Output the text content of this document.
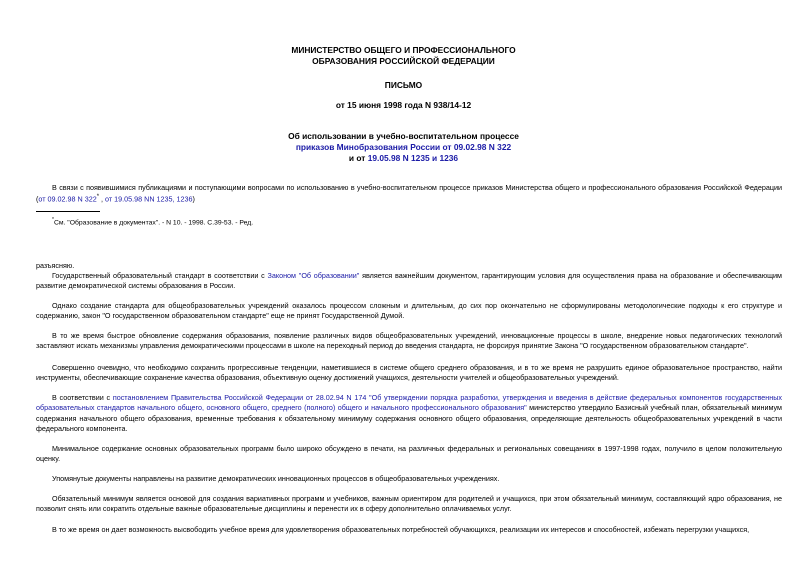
МИНИСТЕРСТВО ОБЩЕГО И ПРОФЕССИОНАЛЬНОГО
ОБРАЗОВАНИЯ РОССИЙСКОЙ ФЕДЕРАЦИИ
ПИСЬМО
от 15 июня 1998 года N 938/14-12
Об использовании в учебно-воспитательном процессе
приказов Минобразования России от 09.02.98 N 322
и от 19.05.98 N 1235 и 1236
В связи с появившимися публикациями и поступающими вопросами по использованию в учебно-воспитательном процессе приказов Министерства общего и профессионального образования Российской Федерации (от 09.02.98 N 322* , от 19.05.98 NN 1235, 1236)
*См. "Образование в документах". - N 10. - 1998. С.39-53. - Ред.
разъясняю.
Государственный образовательный стандарт в соответствии с Законом "Об образовании" является важнейшим документом, гарантирующим условия для осуществления права на образование и обеспечивающим развитие демократической системы образования в России.
Однако создание стандарта для общеобразовательных учреждений оказалось процессом сложным и длительным, до сих пор окончательно не сформулированы методологические подходы к его структуре и содержанию, закон "О государственном образовательном стандарте" еще не принят Государственной Думой.
В то же время быстрое обновление содержания образования, появление различных видов общеобразовательных учреждений, инновационные процессы в школе, внедрение новых педагогических технологий заставляют искать механизмы управления демократическими процессами в школе на переходный период до введения стандарта, не форсируя принятие Закона "О государственном образовательном стандарте".
Совершенно очевидно, что необходимо сохранить прогрессивные тенденции, наметившиеся в системе общего среднего образования, и в то же время не разрушить единое образовательное пространство, найти инструменты, обеспечивающие сохранение качества образования, объективную оценку достижений учащихся, деятельности учителей и общеобразовательных учреждений.
В соответствии с постановлением Правительства Российской Федерации от 28.02.94 N 174 "Об утверждении порядка разработки, утверждения и введения в действие федеральных компонентов государственных образовательных стандартов начального общего, основного общего, среднего (полного) общего и начального профессионального образования" министерство утвердило Базисный учебный план, обязательный минимум содержания начального общего образования, временные требования к обязательному минимуму содержания основного общего образования, определяющие деятельность общеобразовательных учреждений в части федерального компонента.
Минимальное содержание основных образовательных программ было широко обсуждено в печати, на различных федеральных и региональных совещаниях в 1997-1998 годах, получило в целом положительную оценку.
Упомянутые документы направлены на развитие демократических инновационных процессов в общеобразовательных учреждениях.
Обязательный минимум является основой для создания вариативных программ и учебников, важным ориентиром для родителей и учащихся, при этом обязательный минимум, составляющий ядро образования, не позволит снять или сократить отдельные важные образовательные дисциплины и перенести их в сферу дополнительно оплачиваемых услуг.
В то же время он дает возможность высвободить учебное время для удовлетворения образовательных потребностей обучающихся, реализации их интересов и способностей, избежать перегрузки учащихся,
